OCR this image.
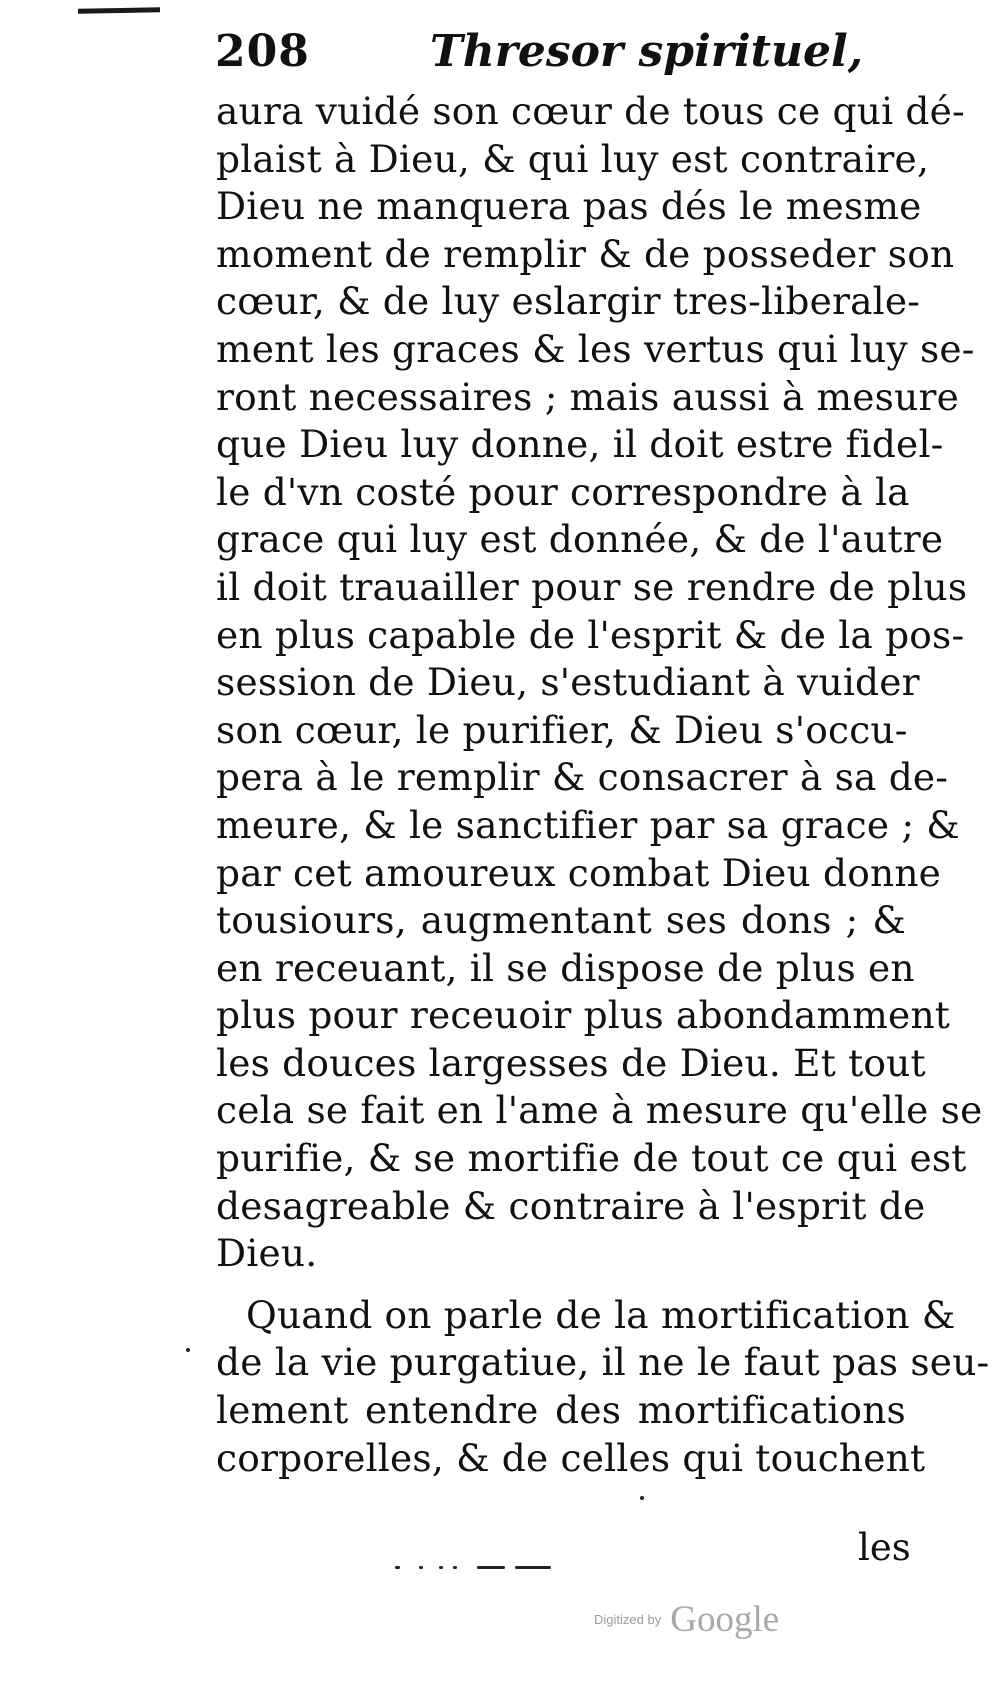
208	Thresor spirituel,
aura vuidé son cœur de tous ce qui dé-
plaist à Dieu, & qui luy est contraire,
Dieu ne manquera pas dés le mesme
moment de remplir & de posseder son
cœur, & de luy eslargir tres-liberale-
ment les graces & les vertus qui luy se-
ront necessaires ; mais aussi à mesure
que Dieu luy donne, il doit estre fidel-
le d'vn costé pour correspondre à la
grace qui luy est donnée, & de l'autre
il doit trauailler pour se rendre de plus
en plus capable de l'esprit & de la pos-
session de Dieu, s'estudiant à vuider
son cœur, le purifier, & Dieu s'occu-
pera à le remplir & consacrer à sa de-
meure, & le sanctifier par sa grace ; &
par cet amoureux combat Dieu donne
tousiours, augmentant ses dons ; &
en receuant, il se dispose de plus en
plus pour receuoir plus abondamment
les douces largesses de Dieu. Et tout
cela se fait en l'ame à mesure qu'elle se
purifie, & se mortifie de tout ce qui est
desagreable & contraire à l'esprit de
Dieu.
Quand on parle de la mortification &
de la vie purgatiue, il ne le faut pas seu-
lement entendre des mortifications
corporelles, & de celles qui touchent
les
Digitized by Google
